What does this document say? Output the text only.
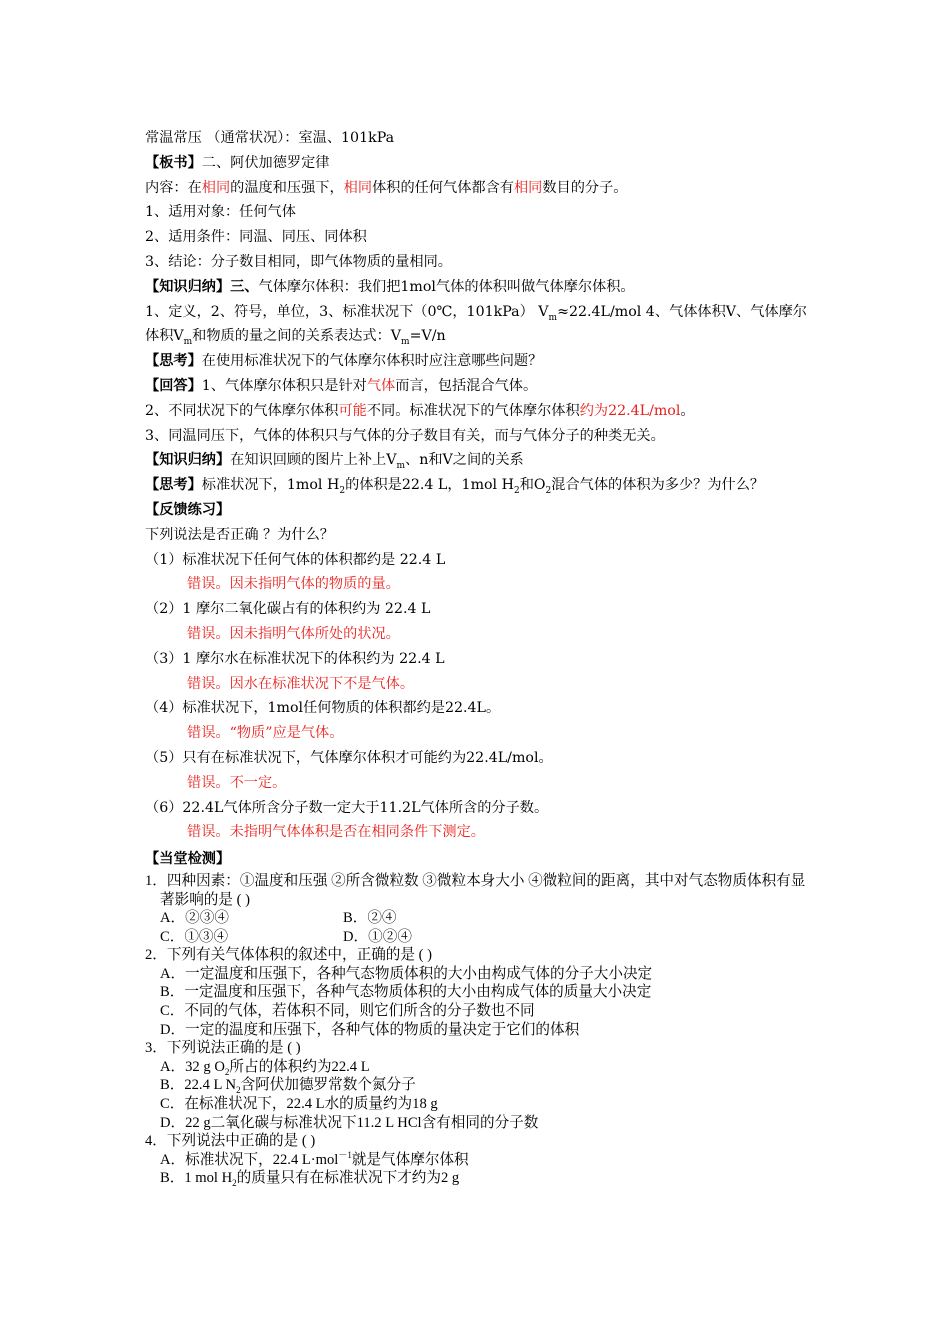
常温常压 （通常状况）：室温、101kPa
【板书】二、阿伏加德罗定律
内容：在相同的温度和压强下，相同体积的任何气体都含有相同数目的分子。
1、适用对象：任何气体
2、适用条件：同温、同压、同体积
3、结论：分子数目相同，即气体物质的量相同。
【知识归纳】三、气体摩尔体积：我们把1mol气体的体积叫做气体摩尔体积。
1、定义，2、符号，单位，3、标准状况下（0℃，101kPa） $V_m\approx 22.4L$/mol 4、气体体积V、气体摩尔体积$V_m$和物质的量之间的关系表达式：$V_m=V/n$
【思考】在使用标准状况下的气体摩尔体积时应注意哪些问题？
【回答】1、气体摩尔体积只是针对气体而言，包括混合气体。
2、不同状况下的气体摩尔体积可能不同。标准状况下的气体摩尔体积约为22.4L/mol。
3、同温同压下，气体的体积只与气体的分子数目有关，而与气体分子的种类无关。
【知识归纳】在知识回顾的图片上补上$V_m$、n和V之间的关系
【思考】标准状况下，1mol $H_2$的体积是22.4 L，1mol $H_2$和$O_2$混合气体的体积为多少？为什么？
【反馈练习】
下列说法是否正确 ？为什么？
（1）标准状况下任何气体的体积都约是 22.4 L
错误。因未指明气体的物质的量。
（2）1 摩尔二氧化碳占有的体积约为 22.4 L
错误。因未指明气体所处的状况。
（3）1 摩尔水在标准状况下的体积约为 22.4 L
错误。因水在标准状况下不是气体。
（4）标准状况下，1mol任何物质的体积都约是22.4L。
错误。“物质”应是气体。
（5）只有在标准状况下，气体摩尔体积才可能约为22.4L/mol。
错误。不一定。
（6）22.4L气体所含分子数一定大于11.2L气体所含的分子数。
错误。未指明气体体积是否在相同条件下测定。
【当堂检测】
1．四种因素：①温度和压强 ②所含微粒数 ③微粒本身大小 ④微粒间的距离，其中对气态物质体积有显著影响的是 ( )
A．②③④	B．②④
C．①③④	D．①②④
2．下列有关气体体积的叙述中，正确的是 ( )
A．一定温度和压强下，各种气态物质体积的大小由构成气体的分子大小决定
B．一定温度和压强下，各种气态物质体积的大小由构成气体的质量大小决定
C．不同的气体，若体积不同，则它们所含的分子数也不同
D．一定的温度和压强下，各种气体的物质的量决定于它们的体积
3．下列说法正确的是 ( )
A．32 g $O_2$所占的体积约为22.4 L
B．22.4 L $N_2$含阿伏加德罗常数个氮分子
C．在标准状况下，22.4 L水的质量约为18 g
D．22 g二氧化碳与标准状况下11.2 L HCl含有相同的分子数
4．下列说法中正确的是 ( )
A．标准状况下，22.4 L·mol$^{-1}$就是气体摩尔体积
B．1 mol $H_2$的质量只有在标准状况下才约为2 g
